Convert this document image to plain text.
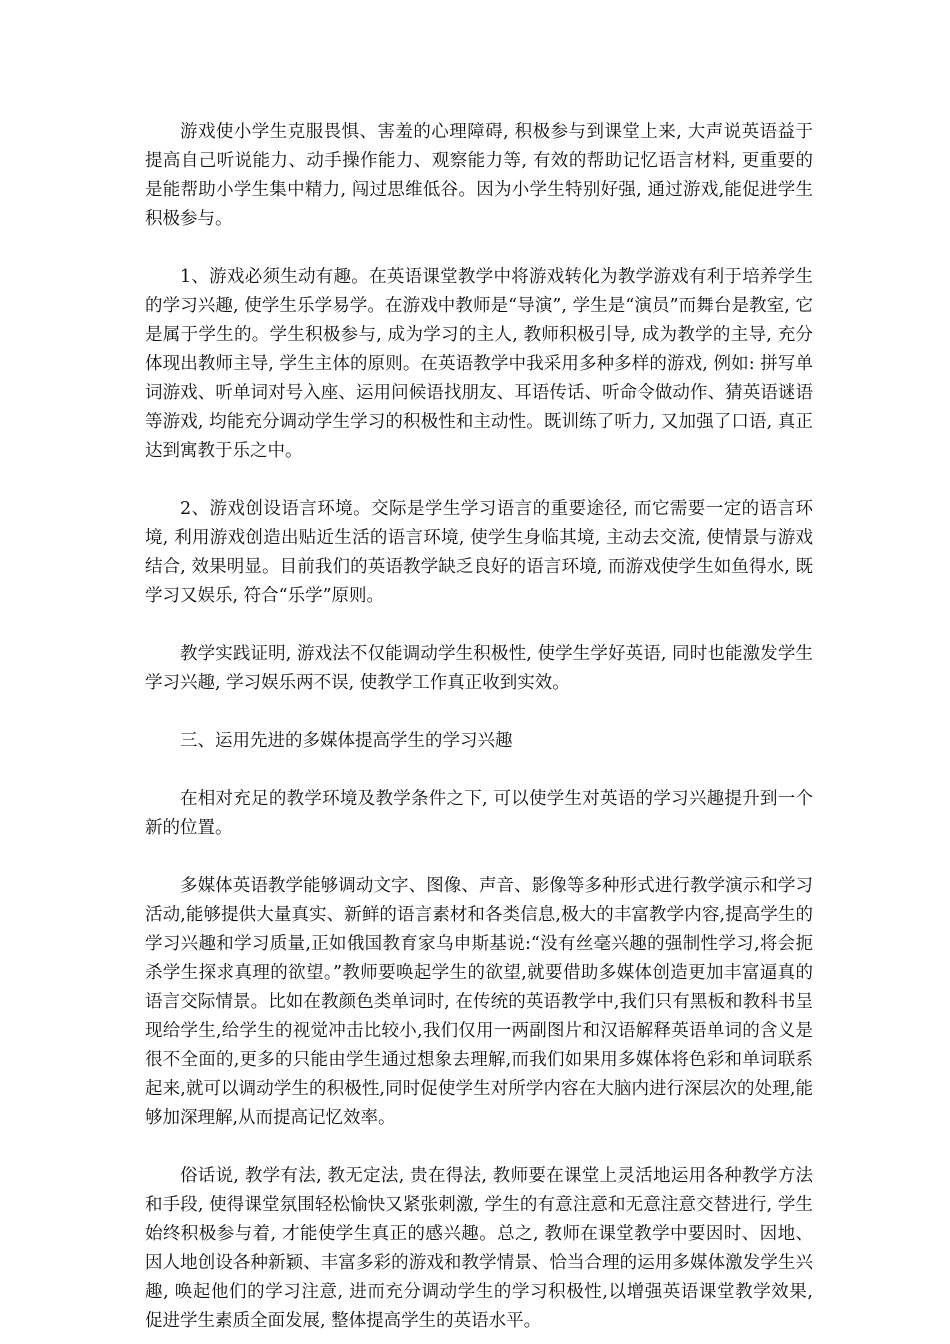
游戏使小学生克服畏惧、害羞的心理障碍, 积极参与到课堂上来, 大声说英语益于提高自己听说能力、动手操作能力、观察能力等, 有效的帮助记忆语言材料, 更重要的是能帮助小学生集中精力, 闯过思维低谷。因为小学生特别好强, 通过游戏,能促进学生积极参与。

1、游戏必须生动有趣。在英语课堂教学中将游戏转化为教学游戏有利于培养学生的学习兴趣, 使学生乐学易学。在游戏中教师是“导演”, 学生是“演员”而舞台是教室, 它是属于学生的。学生积极参与, 成为学习的主人, 教师积极引导, 成为教学的主导, 充分体现出教师主导, 学生主体的原则。在英语教学中我采用多种多样的游戏, 例如: 拼写单词游戏、听单词对号入座、运用问候语找朋友、耳语传话、听命令做动作、猜英语谜语等游戏, 均能充分调动学生学习的积极性和主动性。既训练了听力, 又加强了口语, 真正达到寓教于乐之中。

2、游戏创设语言环境。交际是学生学习语言的重要途径, 而它需要一定的语言环境, 利用游戏创造出贴近生活的语言环境, 使学生身临其境, 主动去交流, 使情景与游戏结合, 效果明显。目前我们的英语教学缺乏良好的语言环境, 而游戏使学生如鱼得水, 既学习又娱乐, 符合“乐学”原则。

教学实践证明, 游戏法不仅能调动学生积极性, 使学生学好英语, 同时也能激发学生学习兴趣, 学习娱乐两不误, 使教学工作真正收到实效。

三、运用先进的多媒体提高学生的学习兴趣

在相对充足的教学环境及教学条件之下, 可以使学生对英语的学习兴趣提升到一个新的位置。

多媒体英语教学能够调动文字、图像、声音、影像等多种形式进行教学演示和学习活动,能够提供大量真实、新鲜的语言素材和各类信息,极大的丰富教学内容,提高学生的学习兴趣和学习质量,正如俄国教育家乌申斯基说:“没有丝毫兴趣的强制性学习,将会扼杀学生探求真理的欲望。”教师要唤起学生的欲望,就要借助多媒体创造更加丰富逼真的语言交际情景。比如在教颜色类单词时, 在传统的英语教学中,我们只有黑板和教科书呈现给学生,给学生的视觉冲击比较小,我们仅用一两副图片和汉语解释英语单词的含义是很不全面的,更多的只能由学生通过想象去理解,而我们如果用多媒体将色彩和单词联系起来,就可以调动学生的积极性,同时促使学生对所学内容在大脑内进行深层次的处理,能够加深理解,从而提高记忆效率。

俗话说, 教学有法, 教无定法, 贵在得法, 教师要在课堂上灵活地运用各种教学方法和手段, 使得课堂氛围轻松愉快又紧张刺激, 学生的有意注意和无意注意交替进行, 学生始终积极参与着, 才能使学生真正的感兴趣。总之, 教师在课堂教学中要因时、因地、因人地创设各种新颖、丰富多彩的游戏和教学情景、恰当合理的运用多媒体激发学生兴趣, 唤起他们的学习注意, 进而充分调动学生的学习积极性,以增强英语课堂教学效果, 促进学生素质全面发展, 整体提高学生的英语水平。
